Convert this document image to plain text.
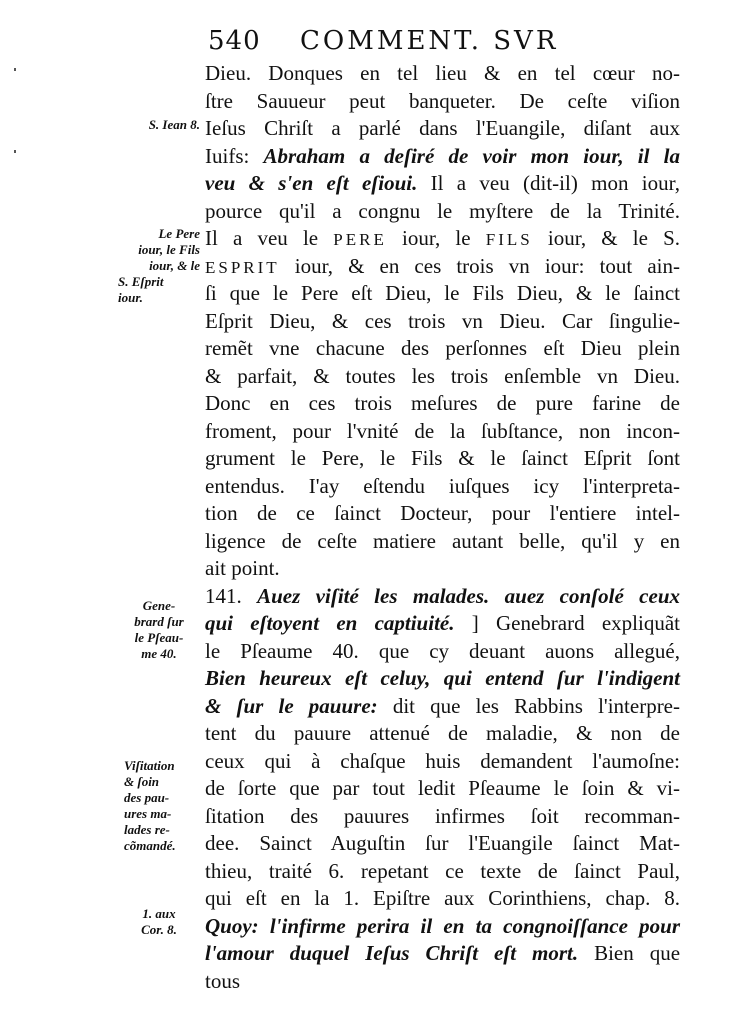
540 COMMENT. SVR
Dieu. Donques en tel lieu & en tel cœur no-
ſtre Sauueur peut banqueter. De ceſte viſion
Ieſus Chriſt a parlé dans l'Euangile, diſant aux
Iuifs: Abraham a deſiré de voir mon iour, il la
veu & s'en eſt eſioui. Il a veu (dit-il) mon iour,
pource qu'il a congnu le myſtere de la Trinité.
Il a veu le PERE iour, le FILS iour, & le S.
ESPRIT iour, & en ces trois vn iour: tout ain-
ſi que le Pere eſt Dieu, le Fils Dieu, & le ſainct
Eſprit Dieu, & ces trois vn Dieu. Car ſingulie-
remẽt vne chacune des perſonnes eſt Dieu plein
& parfait, & toutes les trois enſemble vn Dieu.
Donc en ces trois meſures de pure farine de
froment, pour l'vnité de la ſubſtance, non incon-
grument le Pere, le Fils & le ſainct Eſprit ſont
entendus. I'ay eſtendu iuſques icy l'interpreta-
tion de ce ſainct Docteur, pour l'entiere intel-
ligence de ceſte matiere autant belle, qu'il y en
ait point.
141. Auez viſité les malades. auez conſolé ceux
qui eſtoyent en captiuité. ] Genebrard expliquãt
le Pſeaume 40. que cy deuant auons allegué,
Bien heureux eſt celuy, qui entend ſur l'indigent
& ſur le pauure: dit que les Rabbins l'interpre-
tent du pauure attenué de maladie, & non de
ceux qui à chaſque huis demandent l'aumoſne:
de ſorte que par tout ledit Pſeaume le ſoin & vi-
ſitation des pauures infirmes ſoit recomman-
dee. Sainct Auguſtin ſur l'Euangile ſainct Mat-
thieu, traité 6. repetant ce texte de ſainct Paul,
qui eſt en la 1. Epiſtre aux Corinthiens, chap. 8.
Quoy: l'infirme perira il en ta congnoiſſance pour
l'amour duquel Ieſus Chriſt eſt mort. Bien que
tous
S. Iean 8.
Le Pere
iour, le Fils
iour, & le
S. Eſprit
iour.
Gene-
brard ſur
le Pſeau-
me 40.
Viſitation
& ſoin
des pau-
ures ma-
lades re-
cõmandé.
1. aux
Cor. 8.
